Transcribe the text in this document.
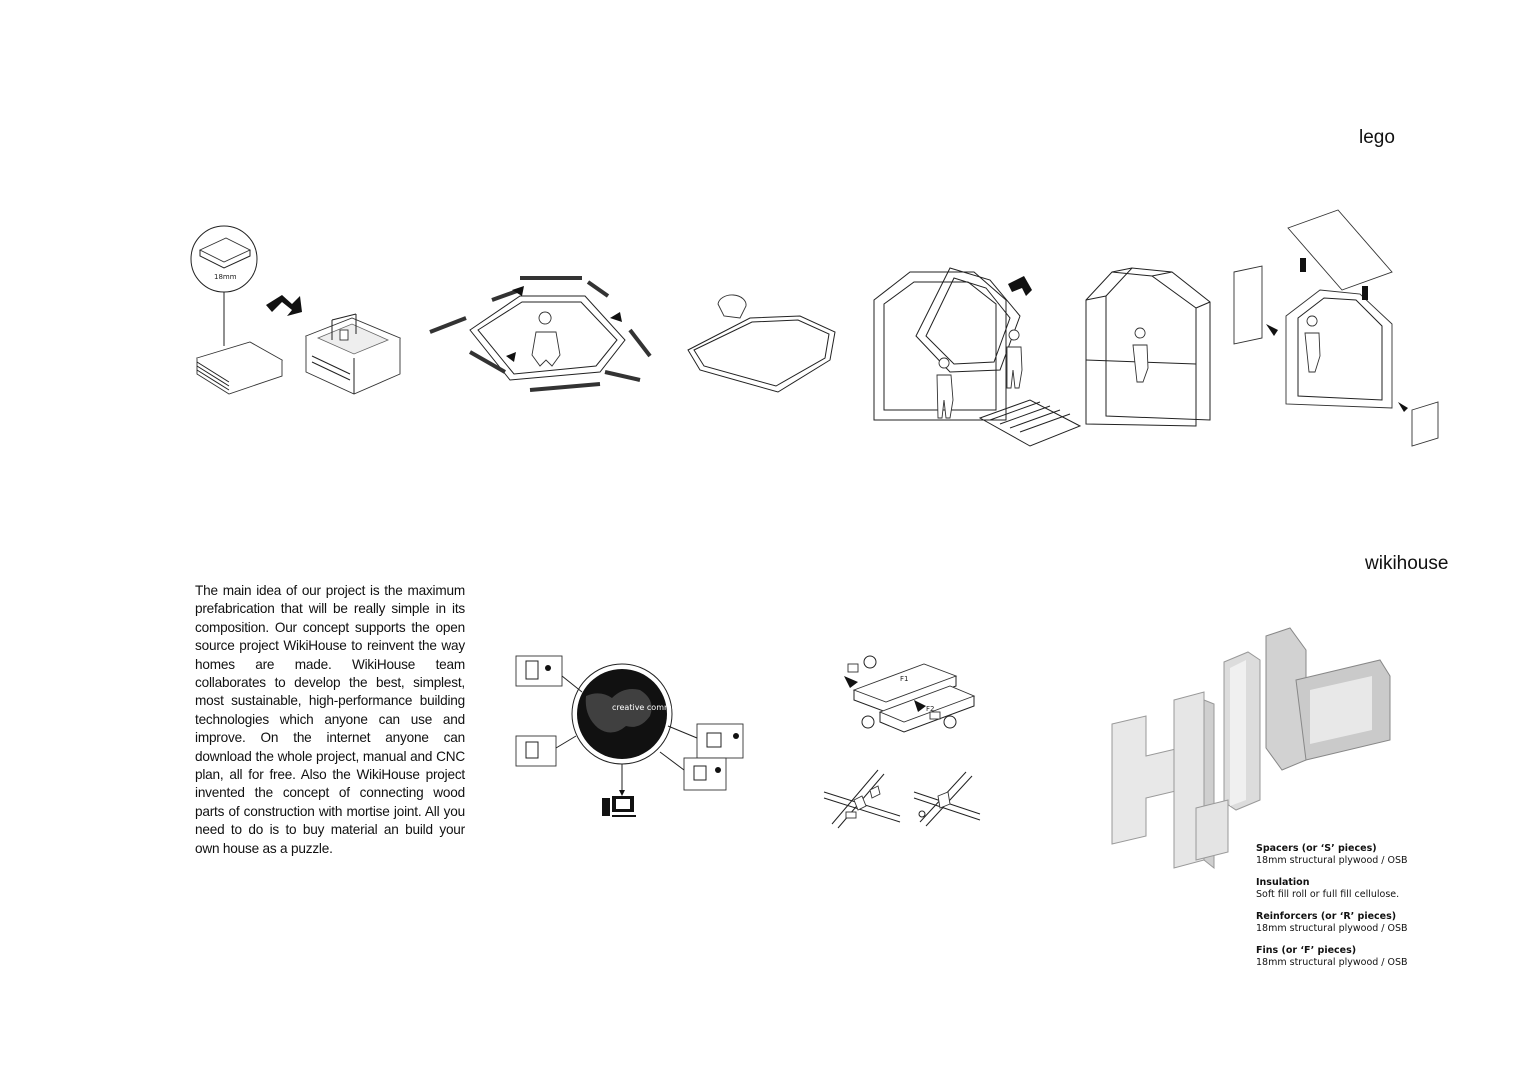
lego
wikihouse
The main idea of our project is the maximum prefabrication that will be really simple in its composition. Our concept supports the open source project WikiHouse to reinvent the way homes are made. WikiHouse team collaborates to develop the best, simplest, most sustainable, high-performance building technologies which anyone can use and improve. On the internet anyone can download the whole project, manual and CNC plan, all for free. Also the WikiHouse project invented the concept of connecting wood parts of construction with mortise joint. All you need to do is to buy material an build your own house as a puzzle.
18mm
creative commons
F1
F2
Spacers (or ‘S’ pieces)
18mm structural plywood / OSB
Insulation
Soft fill roll or full fill cellulose.
Reinforcers (or ‘R’ pieces)
18mm structural plywood / OSB
Fins (or ‘F’ pieces)
18mm structural plywood / OSB
